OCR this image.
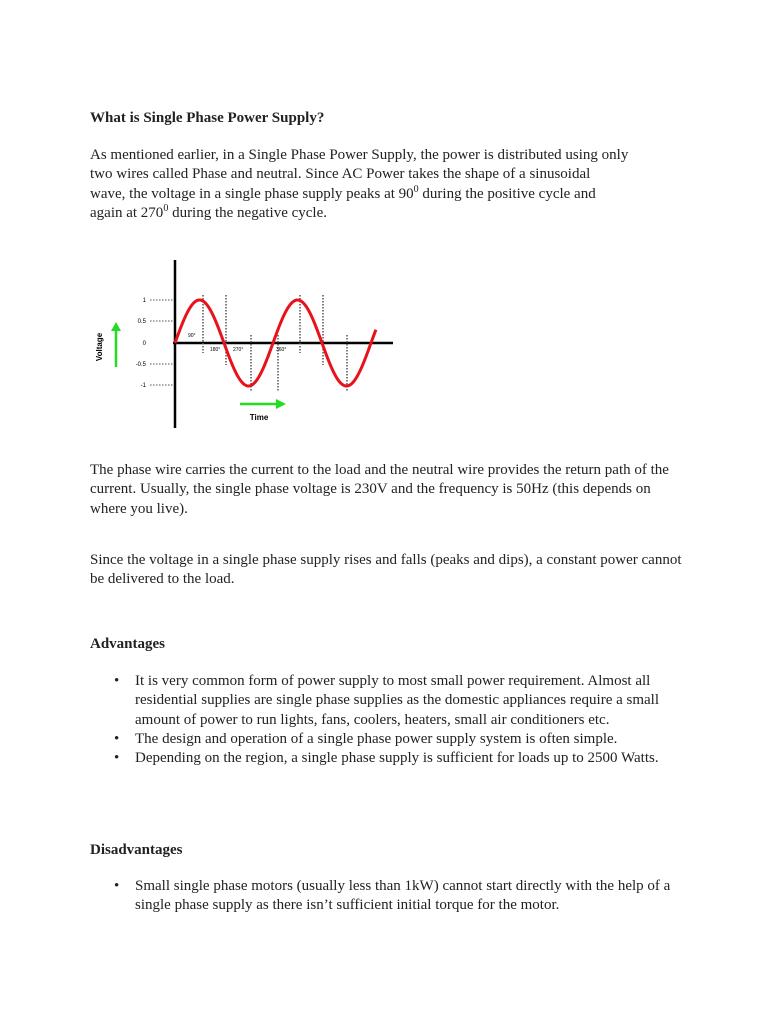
What is Single Phase Power Supply?

As mentioned earlier, in a Single Phase Power Supply, the power is distributed using only
two wires called Phase and neutral. Since AC Power takes the shape of a sinusoidal
wave, the voltage in a single phase supply peaks at $90^0$ during the positive cycle and
again at $270^0$ during the negative cycle.

The phase wire carries the current to the load and the neutral wire provides the return path of the current. Usually, the single phase voltage is 230V and the frequency is 50Hz (this depends on where you live).

Since the voltage in a single phase supply rises and falls (peaks and dips), a constant power cannot be delivered to the load.

Advantages
• It is very common form of power supply to most small power requirement. Almost all residential supplies are single phase supplies as the domestic appliances require a small amount of power to run lights, fans, coolers, heaters, small air conditioners etc.
• The design and operation of a single phase power supply system is often simple.
• Depending on the region, a single phase supply is sufficient for loads up to 2500 Watts.
Disadvantages
• Small single phase motors (usually less than 1kW) cannot start directly with the help of a single phase supply as there isn’t sufficient initial torque for the motor.
1
0.5
0
-0.5
-1
90°
180°	270°	360°
Voltage
Time
